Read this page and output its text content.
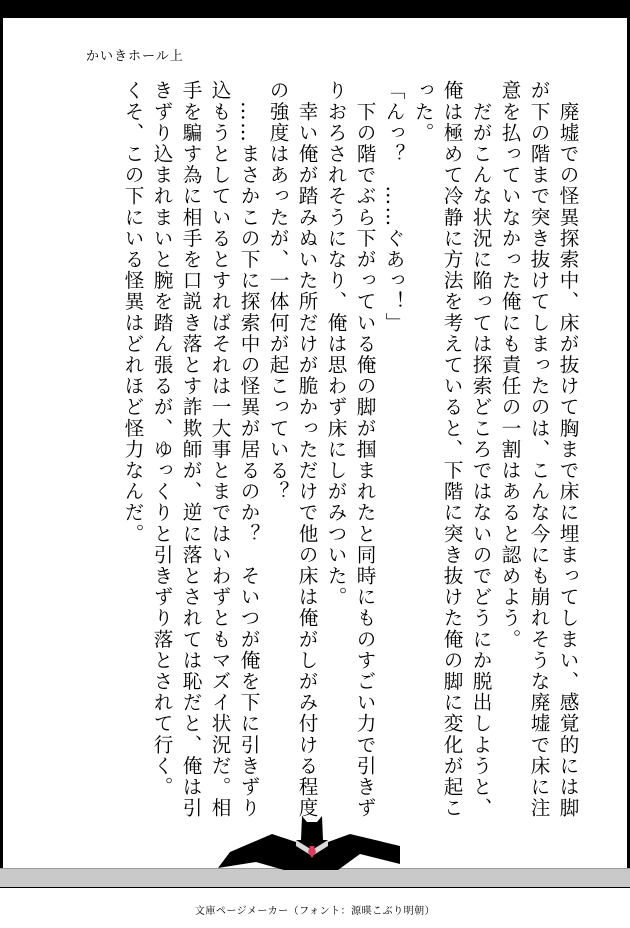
かいきホール上

　廃墟での怪異探索中、床が抜けて胸まで床に埋まってしまい、感覚的には脚が下の階まで突き抜けてしまったのは、こんな今にも崩れそうな廃墟で床に注意を払っていなかった俺にも責任の一割はあると認めよう。

　だがこんな状況に陥っては探索どころではないのでどうにか脱出しようと、俺は極めて冷静に方法を考えていると、下階に突き抜けた俺の脚に変化が起こった。

「んっ？　……ぐあっ！」

　下の階でぶら下がっている俺の脚が掴まれたと同時にものすごい力で引きずりおろされそうになり、俺は思わず床にしがみついた。

　幸い俺が踏みぬいた所だけが脆かっただけで他の床は俺がしがみ付ける程度の強度はあったが、一体何が起こっている？

　……まさかこの下に探索中の怪異が居るのか？　そいつが俺を下に引きずり込もうとしているとすればそれは一大事とまではいわずともマズイ状況だ。相手を騙す為に相手を口説き落とす詐欺師が、逆に落とされては恥だと、俺は引きずり込まれまいと腕を踏ん張るが、ゆっくりと引きずり落とされて行く。

くそ、この下にいる怪異はどれほど怪力なんだ。

文庫ページメーカー（フォント：源暎こぶり明朝）
